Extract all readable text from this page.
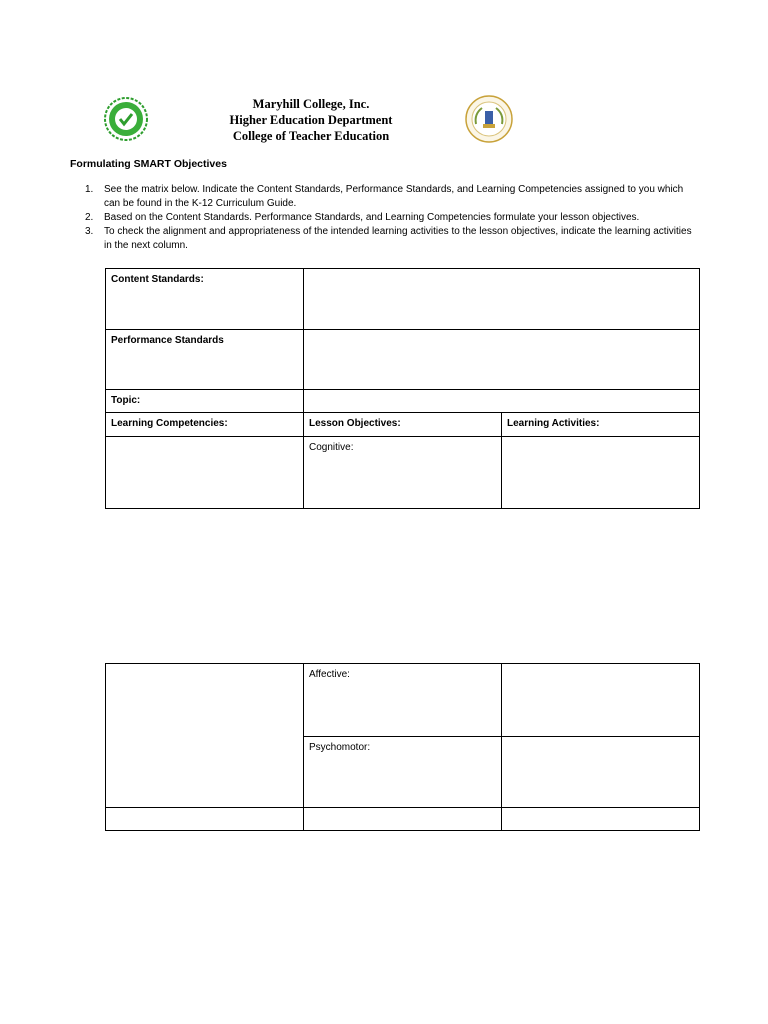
Maryhill College, Inc.
Higher Education Department
College of Teacher Education
Formulating SMART Objectives
1. See the matrix below. Indicate the Content Standards, Performance Standards, and Learning Competencies assigned to you which can be found in the K-12 Curriculum Guide.
2. Based on the Content Standards. Performance Standards, and Learning Competencies formulate your lesson objectives.
3. To check the alignment and appropriateness of the intended learning activities to the lesson objectives, indicate the learning activities in the next column.
Content Standards:		

Performance Standards		

Topic:		

Learning Competencies:	Lesson Objectives:	Learning Activities:

	Cognitive:	

	Affective:	

	Psychomotor:	
